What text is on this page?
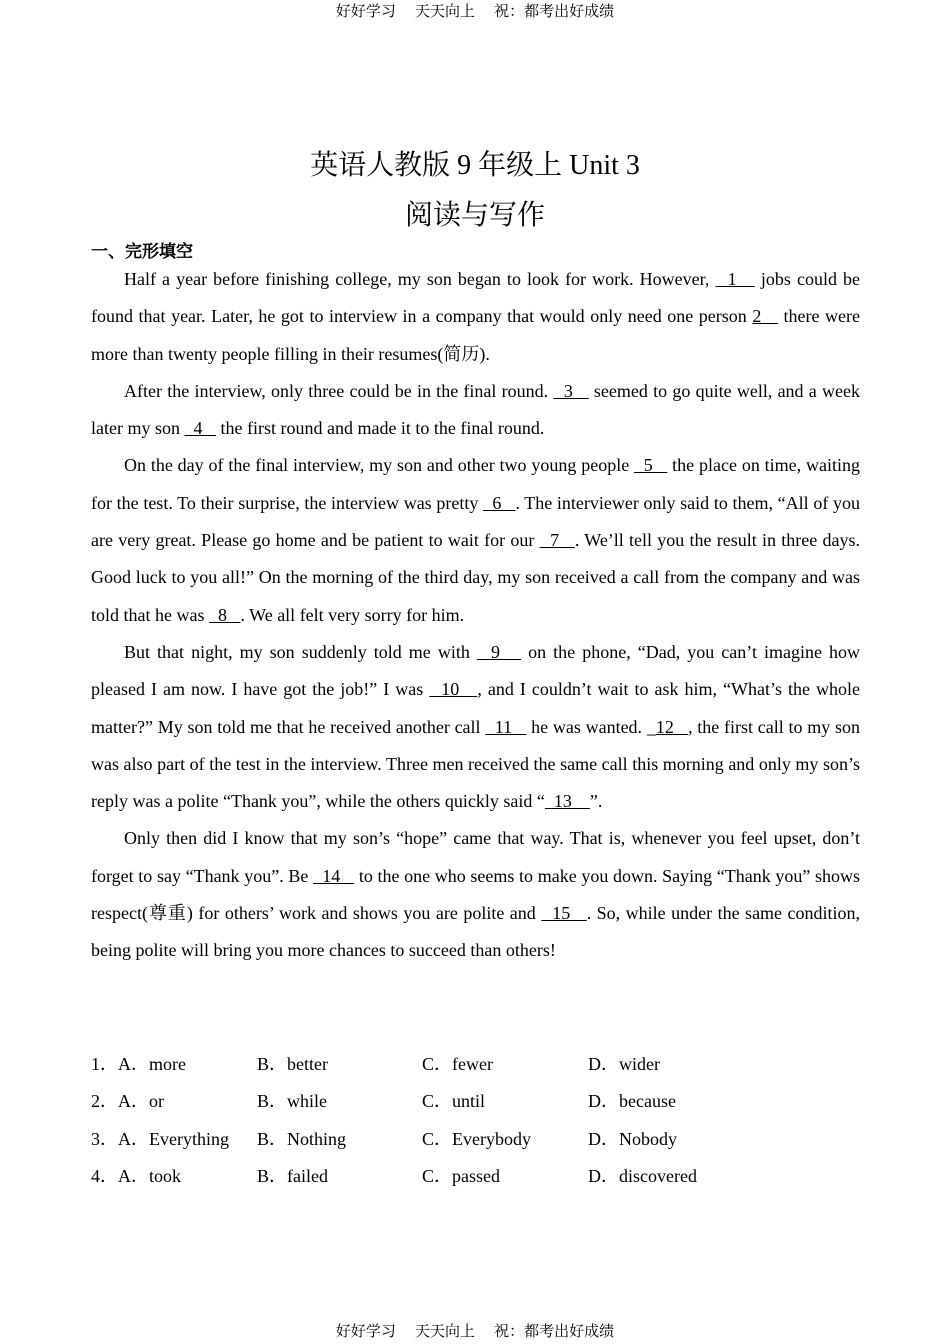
好好学习    天天向上    祝：都考出好成绩
英语人教版 9 年级上 Unit 3
阅读与写作
一、完形填空

Half a year before finishing college, my son began to look for work. However,   1    jobs could be found that year. Later, he got to interview in a company that would only need one person 2    there were more than twenty people filling in their resumes(简历).

After the interview, only three could be in the final round.   3    seemed to go quite well, and a week later my son   4    the first round and made it to the final round.

On the day of the final interview, my son and other two young people   5    the place on time, waiting for the test. To their surprise, the interview was pretty   6   . The interviewer only said to them, “All of you are very great. Please go home and be patient to wait for our   7   . We’ll tell you the result in three days. Good luck to you all!” On the morning of the third day, my son received a call from the company and was told that he was   8   . We all felt very sorry for him.

But that night, my son suddenly told me with   9    on the phone, “Dad, you can’t imagine how pleased I am now. I have got the job!” I was   10   , and I couldn’t wait to ask him, “What’s the whole matter?” My son told me that he received another call   11    he was wanted. _12   , the first call to my son was also part of the test in the interview. Three men received the same call this morning and only my son’s reply was a polite “Thank you”, while the others quickly said “  13    ”.

Only then did I know that my son’s “hope” came that way. That is, whenever you feel upset, don’t forget to say “Thank you”. Be   14    to the one who seems to make you down. Saying “Thank you” shows respect(尊重) for others’ work and shows you are polite and   15   . So, while under the same condition, being polite will bring you more chances to succeed than others!

1．A．more	B．better	C．fewer	D．wider
2．A．or	B．while	C．until	D．because
3．A．Everything B．Nothing	C．Everybody	D．Nobody
4．A．took	B．failed	C．passed	D．discovered
好好学习    天天向上    祝：都考出好成绩
